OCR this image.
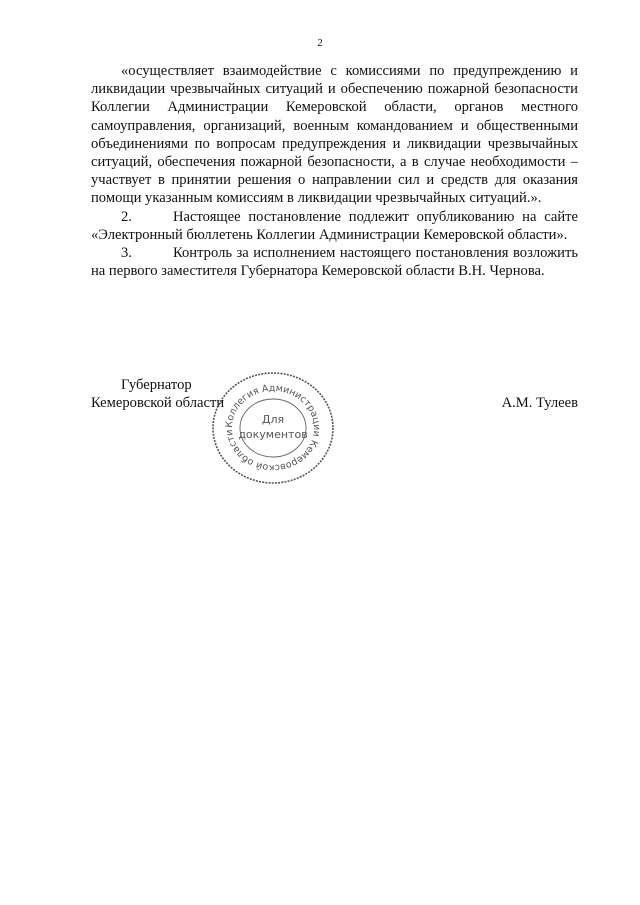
2

«осуществляет взаимодействие с комиссиями по предупреждению и ликвидации чрезвычайных ситуаций и обеспечению пожарной безопасности Коллегии Администрации Кемеровской области, органов местного самоуправления, организаций, военным командованием и общественными объединениями по вопросам предупреждения и ликвидации чрезвычайных ситуаций, обеспечения пожарной безопасности, а в случае необходимости – участвует в принятии решения о направлении сил и средств для оказания помощи указанным комиссиям в ликвидации чрезвычайных ситуаций.».

2.	Настоящее постановление подлежит опубликованию на сайте «Электронный бюллетень Коллегии Администрации Кемеровской области».

3.	Контроль за исполнением настоящего постановления возложить на первого заместителя Губернатора Кемеровской области В.Н. Чернова.

Губернатор
Кемеровской области	А.М. Тулеев
Коллегия Администрации Кемеровской области
Для
документов
